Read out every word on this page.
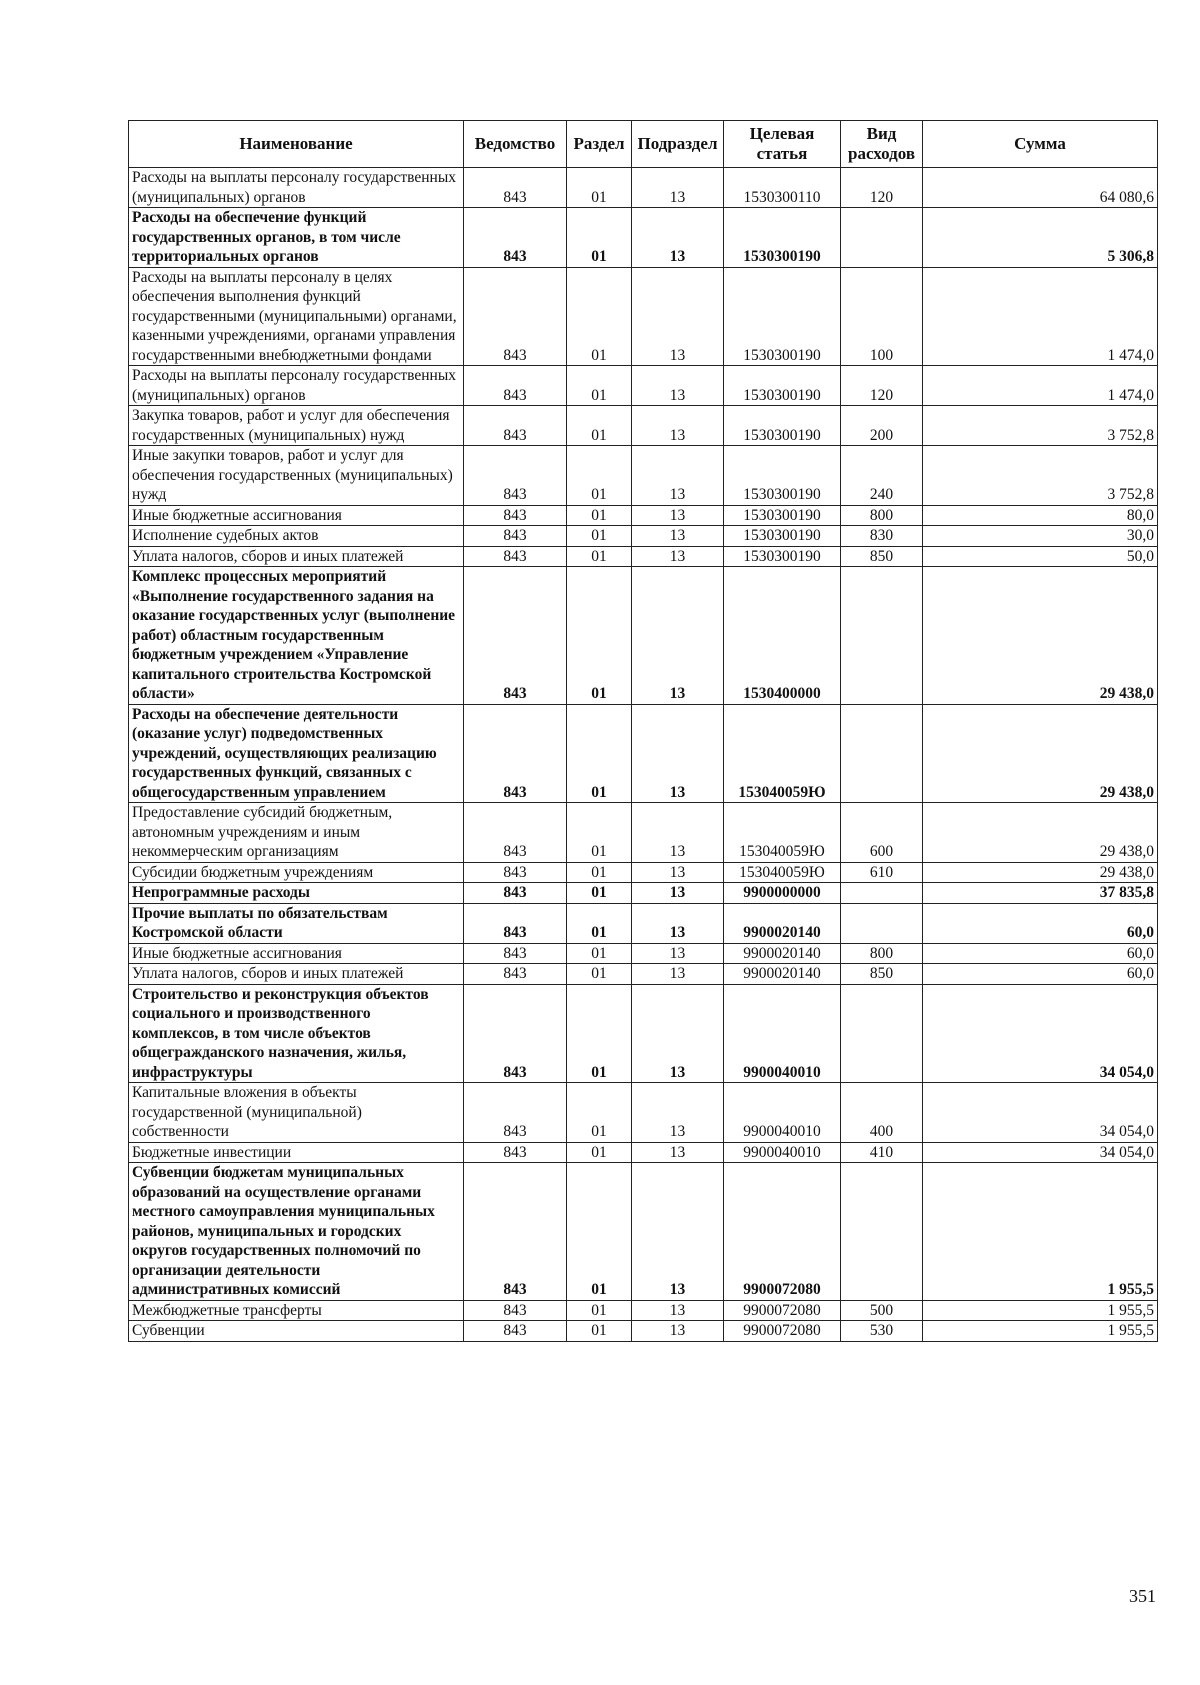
Наименование	Ведомство	Раздел	Подраздел	Целевая статья	Вид расходов	Сумма
Расходы на выплаты персоналу государственных (муниципальных) органов	843	01	13	1530300110	120	64 080,6
Расходы на обеспечение функций государственных органов, в том числе территориальных органов	843	01	13	1530300190		5 306,8
Расходы на выплаты персоналу в целях обеспечения выполнения функций государственными (муниципальными) органами, казенными учреждениями, органами управления государственными внебюджетными фондами	843	01	13	1530300190	100	1 474,0
Расходы на выплаты персоналу государственных (муниципальных) органов	843	01	13	1530300190	120	1 474,0
Закупка товаров, работ и услуг для обеспечения государственных (муниципальных) нужд	843	01	13	1530300190	200	3 752,8
Иные закупки товаров, работ и услуг для обеспечения государственных (муниципальных) нужд	843	01	13	1530300190	240	3 752,8
Иные бюджетные ассигнования	843	01	13	1530300190	800	80,0
Исполнение судебных актов	843	01	13	1530300190	830	30,0
Уплата налогов, сборов и иных платежей	843	01	13	1530300190	850	50,0
Комплекс процессных мероприятий «Выполнение государственного задания на оказание государственных услуг (выполнение работ) областным государственным бюджетным учреждением «Управление капитального строительства Костромской области»	843	01	13	1530400000		29 438,0
Расходы на обеспечение деятельности (оказание услуг) подведомственных учреждений, осуществляющих реализацию государственных функций, связанных с общегосударственным управлением	843	01	13	153040059Ю		29 438,0
Предоставление субсидий бюджетным, автономным учреждениям и иным некоммерческим организациям	843	01	13	153040059Ю	600	29 438,0
Субсидии бюджетным учреждениям	843	01	13	153040059Ю	610	29 438,0
Непрограммные расходы	843	01	13	9900000000		37 835,8
Прочие выплаты по обязательствам Костромской области	843	01	13	9900020140		60,0
Иные бюджетные ассигнования	843	01	13	9900020140	800	60,0
Уплата налогов, сборов и иных платежей	843	01	13	9900020140	850	60,0
Строительство и реконструкция объектов социального и производственного комплексов, в том числе объектов общегражданского назначения, жилья, инфраструктуры	843	01	13	9900040010		34 054,0
Капитальные вложения в объекты государственной (муниципальной) собственности	843	01	13	9900040010	400	34 054,0
Бюджетные инвестиции	843	01	13	9900040010	410	34 054,0
Субвенции бюджетам муниципальных образований на осуществление органами местного самоуправления муниципальных районов, муниципальных и городских округов государственных полномочий по организации деятельности административных комиссий	843	01	13	9900072080		1 955,5
Межбюджетные трансферты	843	01	13	9900072080	500	1 955,5
Субвенции	843	01	13	9900072080	530	1 955,5
351
